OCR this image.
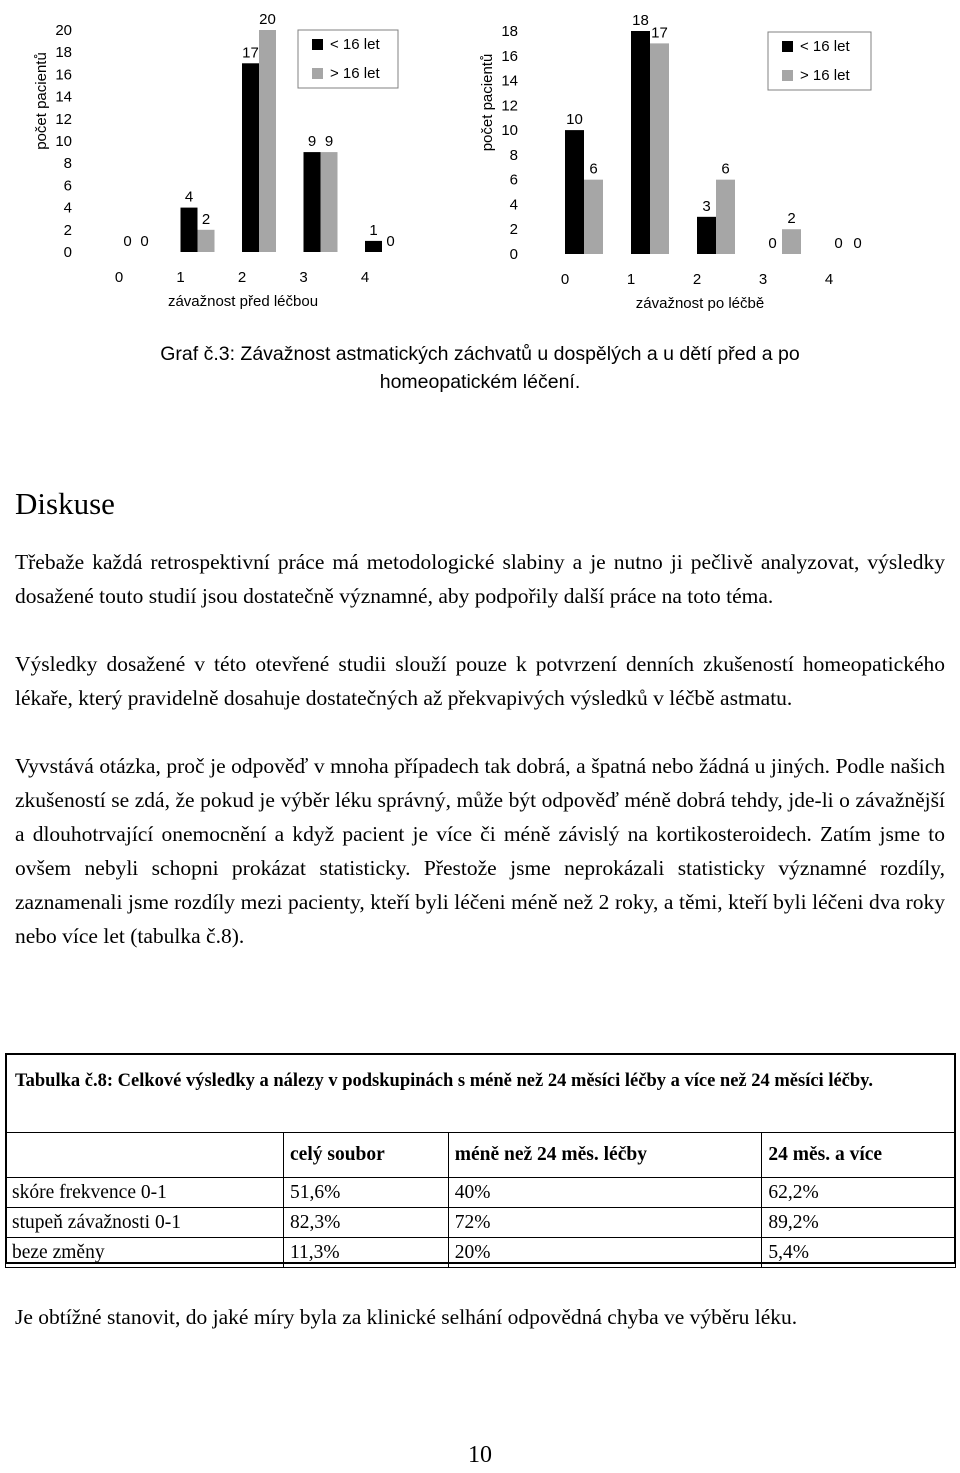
0
2
4
6
8
10
12
14
16
18
20
počet pacientů
0
4
17
9
1
0
2
20
9
0
0	1	2	3	4
závažnost před léčbou
< 16 let
> 16 let
0
2
4
6
8
10
12
14
16
18
počet pacientů	10
18
3
0	0
6
17
6
2
0
0	1	2	3	4
závažnost po léčbě
< 16 let
> 16 let
Graf č.3: Závažnost astmatických záchvatů u dospělých a u dětí před a po homeopatickém léčení.
Diskuse

Třebaže každá retrospektivní práce má metodologické slabiny a je nutno ji pečlivě analyzovat, výsledky dosažené touto studií jsou dostatečně významné, aby podpořily další práce na toto téma.

Výsledky dosažené v této otevřené studii slouží pouze k potvrzení denních zkušeností homeopatického lékaře, který pravidelně dosahuje dostatečných až překvapivých výsledků v léčbě astmatu.

Vyvstává otázka, proč je odpověď v mnoha případech tak dobrá, a špatná nebo žádná u jiných. Podle našich zkušeností se zdá, že pokud je výběr léku správný, může být odpověď méně dobrá tehdy, jde-li o závažnější a dlouhotrvající onemocnění a když pacient je více či méně závislý na kortikosteroidech. Zatím jsme to ovšem nebyli schopni prokázat statisticky. Přestože jsme neprokázali statisticky významné rozdíly, zaznamenali jsme rozdíly mezi pacienty, kteří byli léčeni méně než 2 roky, a těmi, kteří byli léčeni dva roky nebo více let (tabulka č.8).

Tabulka č.8: Celkové výsledky a nálezy v podskupinách s méně než 24 měsíci léčby a více než 24 měsíci léčby.
	celý soubor	méně než 24 měs. léčby	24 měs. a více
skóre frekvence 0-1	51,6%	40%	62,2%
stupeň závažnosti 0-1	82,3%	72%	89,2%
beze změny	11,3%	20%	5,4%

Je obtížné stanovit, do jaké míry byla za klinické selhání odpovědná chyba ve výběru léku.

10
